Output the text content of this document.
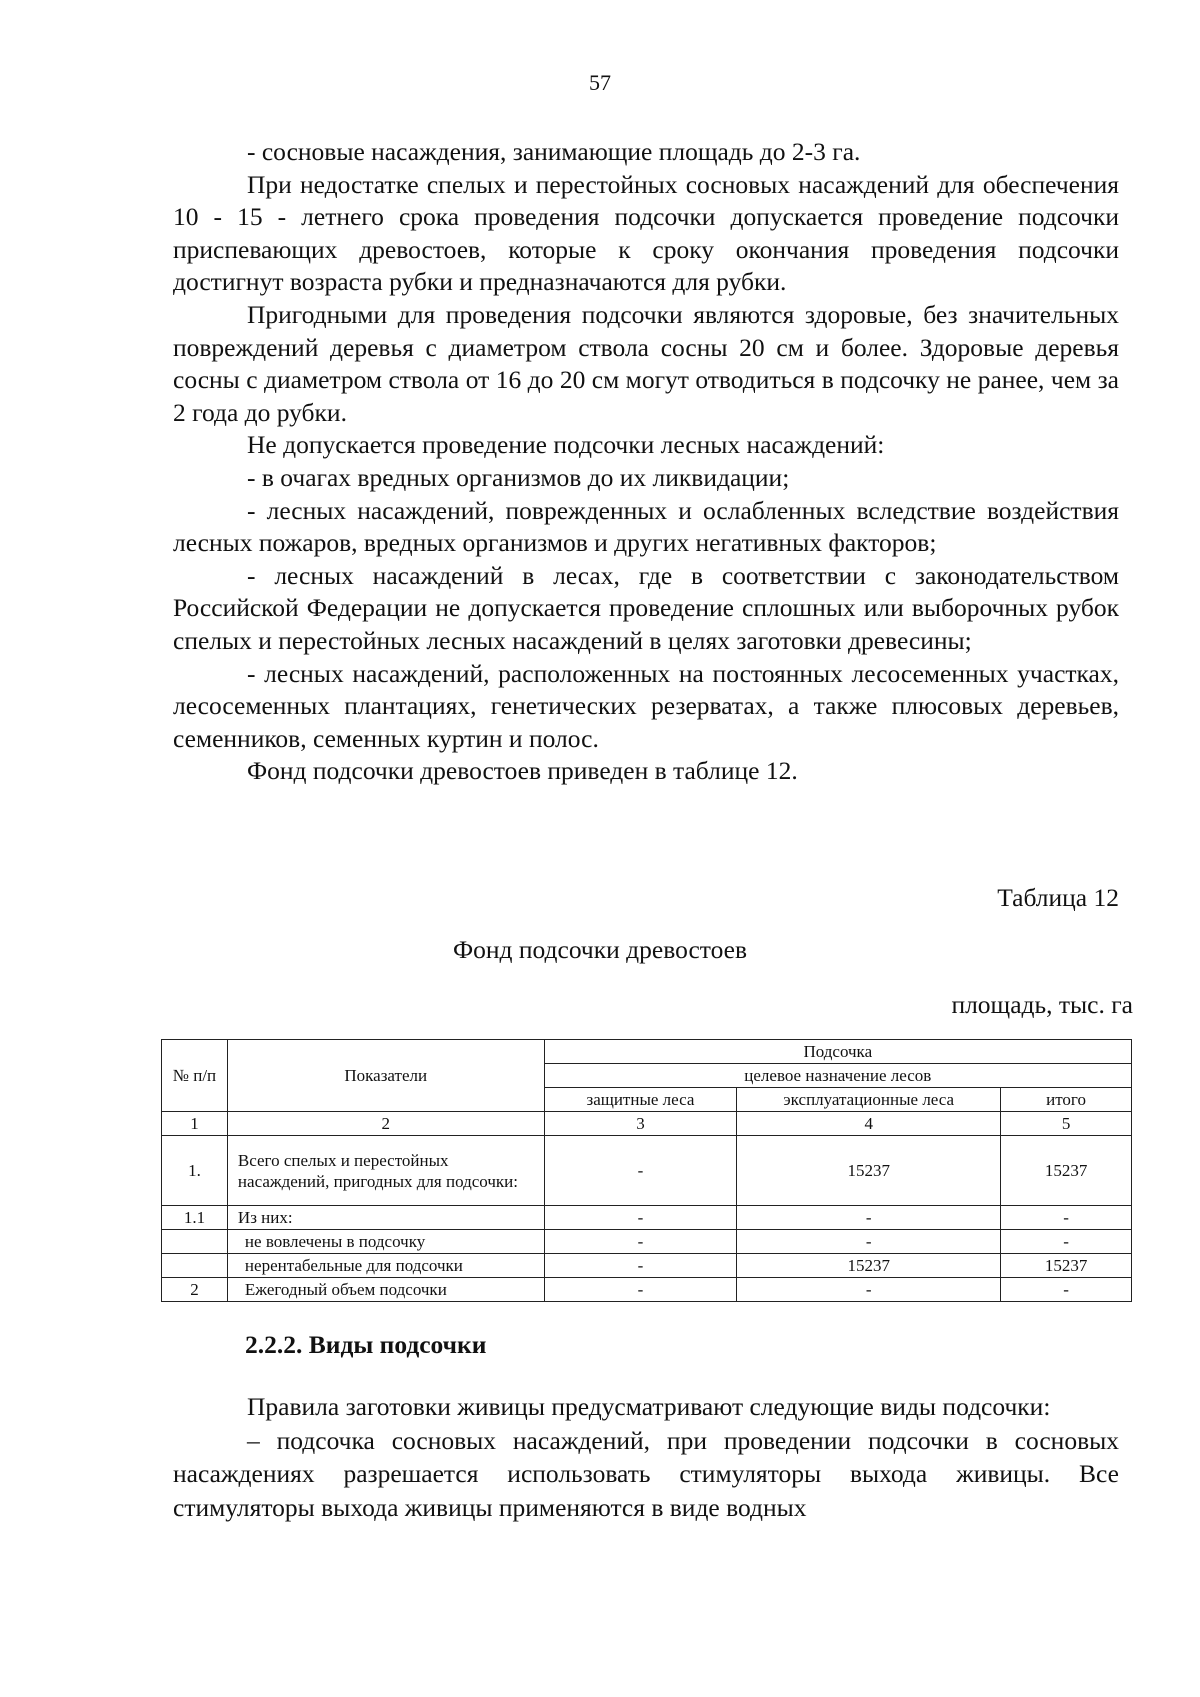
57

- сосновые насаждения, занимающие площадь до 2-3 га.

При недостатке спелых и перестойных сосновых насаждений для обеспечения 10 - 15 - летнего срока проведения подсочки допускается проведение подсочки приспевающих древостоев, которые к сроку окончания проведения подсочки достигнут возраста рубки и предназначаются для рубки.

Пригодными для проведения подсочки являются здоровые, без значительных повреждений деревья с диаметром ствола сосны 20 см и более. Здоровые деревья сосны с диаметром ствола от 16 до 20 см могут отводиться в подсочку не ранее, чем за 2 года до рубки.

Не допускается проведение подсочки лесных насаждений:

- в очагах вредных организмов до их ликвидации;

- лесных насаждений, поврежденных и ослабленных вследствие воздействия лесных пожаров, вредных организмов и других негативных факторов;

- лесных насаждений в лесах, где в соответствии с законодательством Российской Федерации не допускается проведение сплошных или выборочных рубок спелых и перестойных лесных насаждений в целях заготовки древесины;

- лесных насаждений, расположенных на постоянных лесосеменных участках, лесосеменных плантациях, генетических резерватах, а также плюсовых деревьев, семенников, семенных куртин и полос.

Фонд подсочки древостоев приведен в таблице 12.

Таблица 12
Фонд подсочки древостоев
площадь, тыс. га
№ п/п	Показатели	Подсочка		
		целевое назначение лесов		
		защитные леса	эксплуатационные леса	итого
1	2	3	4	5
1.	Всего спелых и перестойных насаждений, пригодных для подсочки:	-	15237	15237
1.1	Из них:	-	-	-
	не вовлечены в подсочку	-	-	-
	нерентабельные для подсочки	-	15237	15237
2	Ежегодный объем подсочки	-	-	-
2.2.2. Виды подсочки

Правила заготовки живицы предусматривают следующие виды подсочки:

– подсочка сосновых насаждений, при проведении подсочки в сосновых насаждениях разрешается использовать стимуляторы выхода живицы. Все стимуляторы выхода живицы применяются в виде водных
